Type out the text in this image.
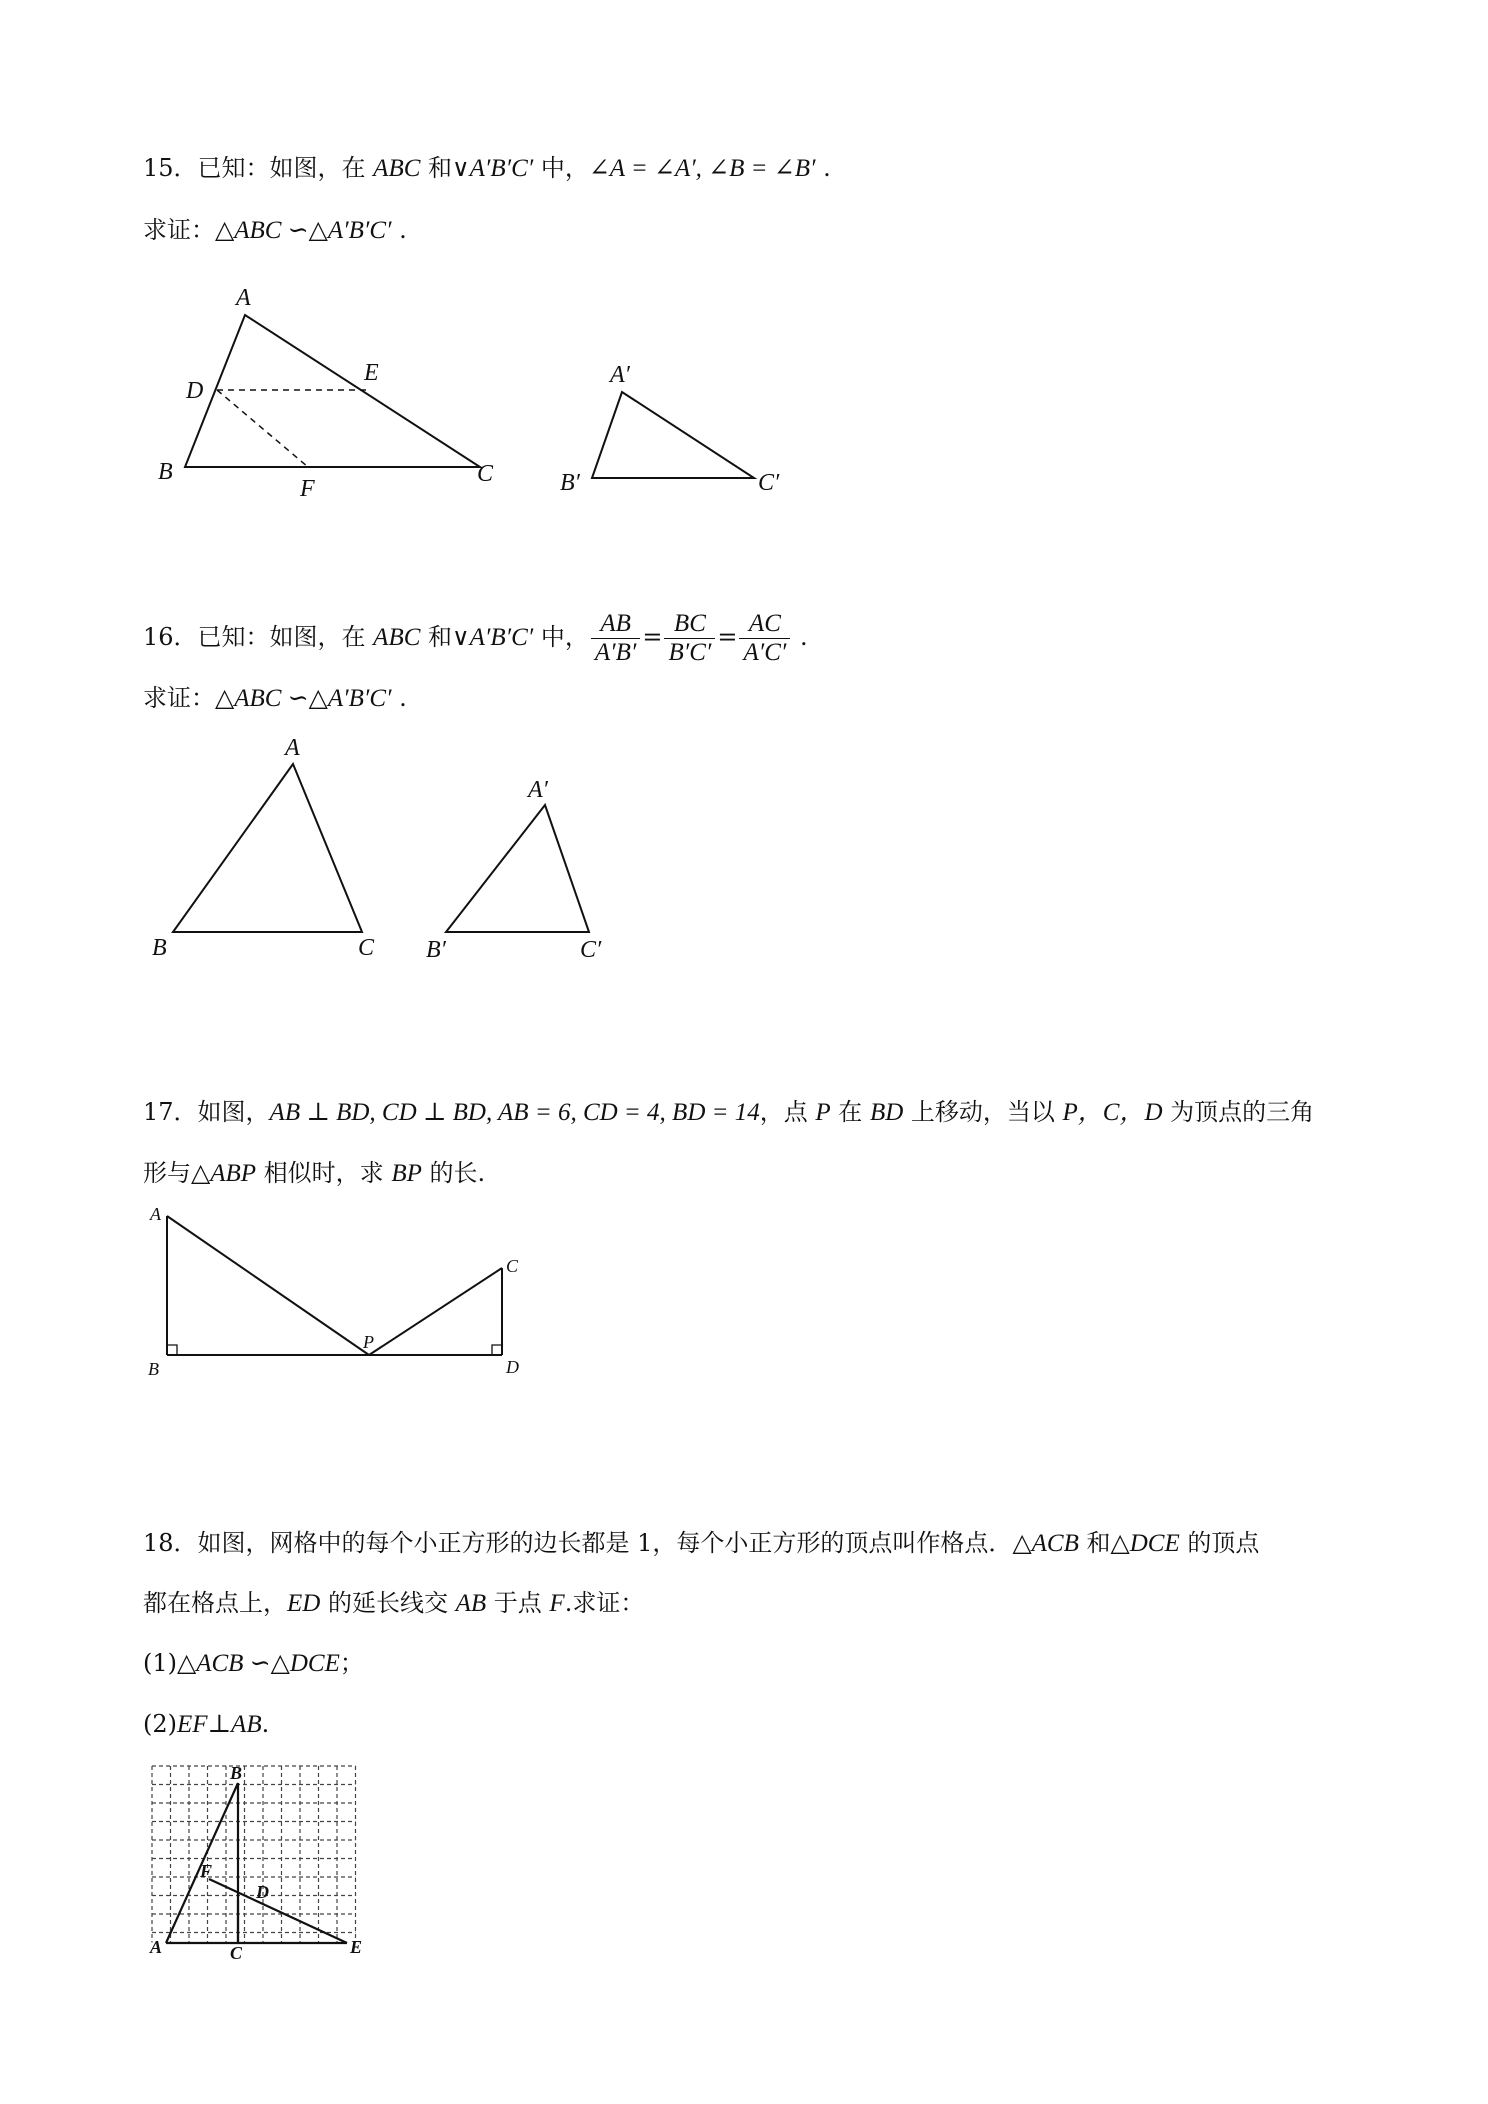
15．已知：如图，在 ABC 和∨A′B′C′ 中，∠A = ∠A′, ∠B = ∠B′ .
求证：△ABC ∽△A′B′C′ .
A
B	C
D
E
F
A′
B′	C′
16．已知：如图，在 ABC 和∨A′B′C′ 中， $\frac{AB}{A'B'} = \frac{BC}{B'C'} = \frac{AC}{A'C'}$ .
求证：△ABC ∽△A′B′C′ .
A
B	C
A′
B′	C′
17．如图，AB ⊥ BD, CD ⊥ BD, AB = 6, CD = 4, BD = 14，点 P 在 BD 上移动，当以 P，C，D 为顶点的三角
形与△ABP 相似时，求 BP 的长.
A
B
C
D
P
18．如图，网格中的每个小正方形的边长都是 1，每个小正方形的顶点叫作格点．△ACB 和△DCE 的顶点
都在格点上，ED 的延长线交 AB 于点 F.求证：
(1)△ACB ∽△DCE；
(2)EF⊥AB.
A
B
C
D
E
F
